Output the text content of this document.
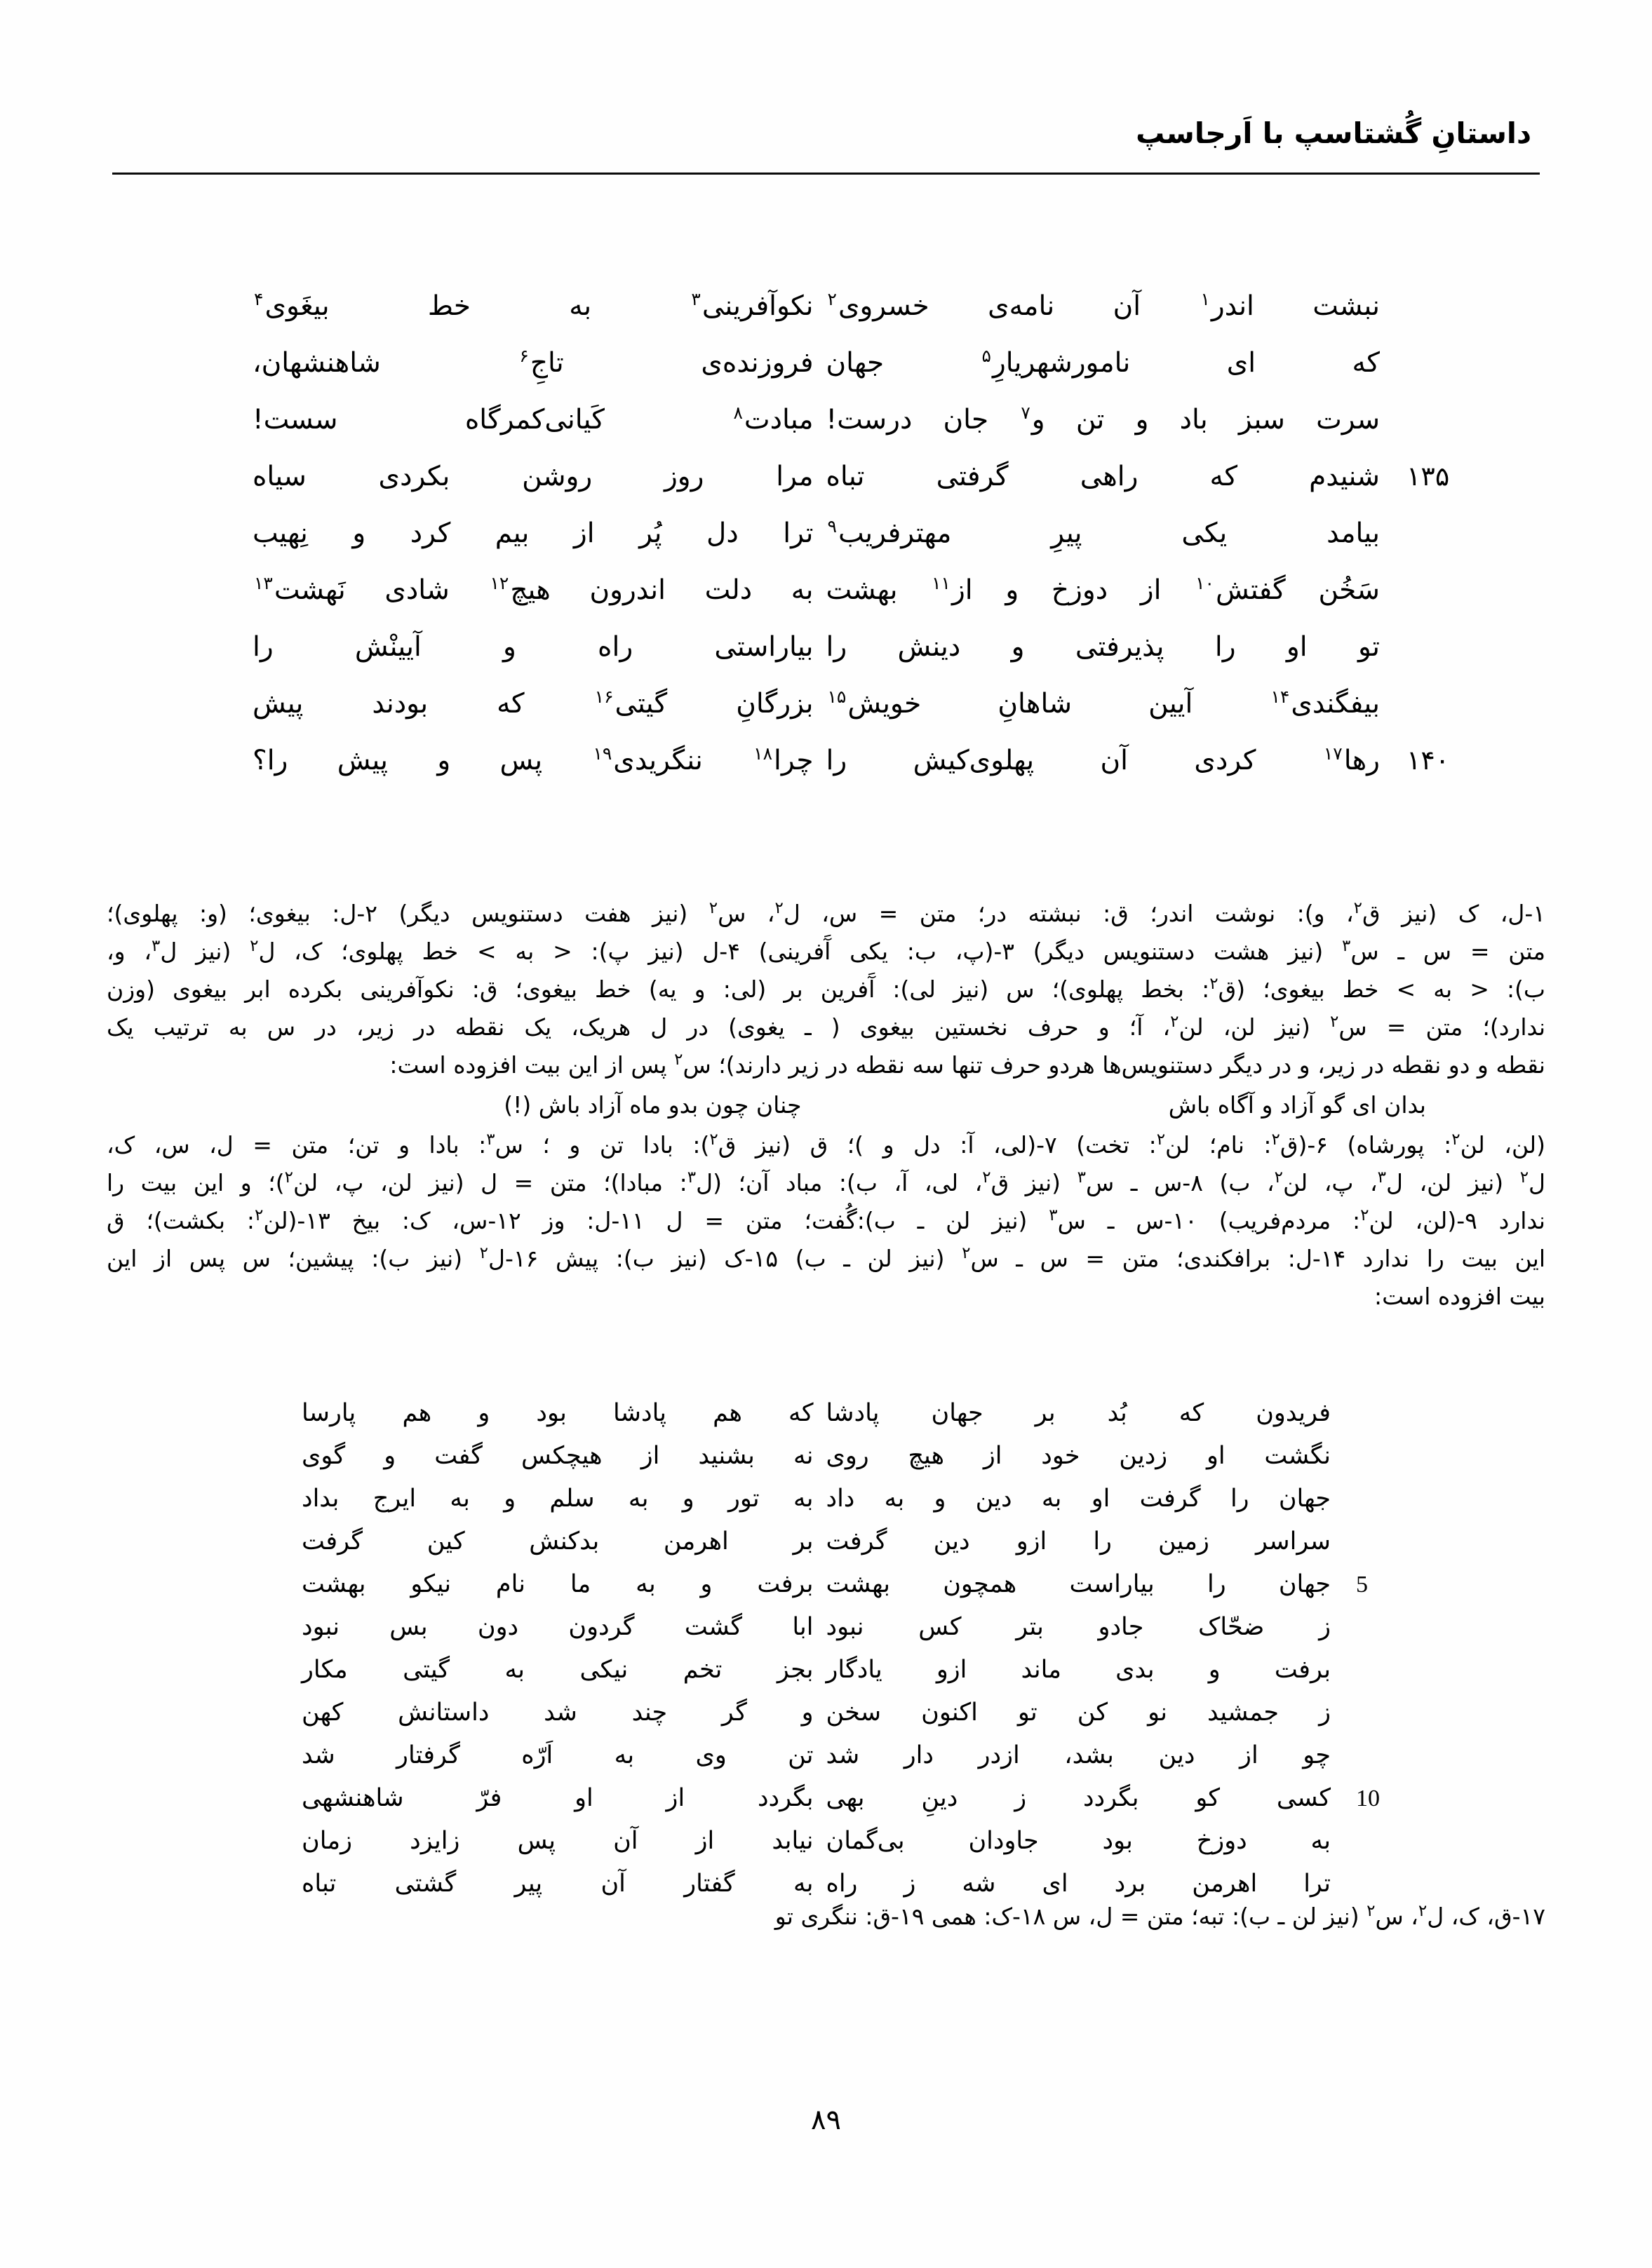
داستانِ گُشتاسپ با اَرجاسپ
نبشت اندر$^۱$ آن نامه‌ی خسروی$^۲$
نکوآفرینی$^۳$ به خط بیغَوی$^۴$
که ای نامورشهریارِ$^۵$ جهان
فروزنده‌ی تاجِ$^۶$ شاهنشهان،
سرت سبز باد و تن و$^۷$ جان درست!
مبادت$^۸$ کَیانی‌کمرگاه سست!
شنیدم که راهی گرفتی تباه ۱۳۵
مرا روز روشن بکردی سیاه
بیامد یکی پیرِ مهترفریب$^۹$
ترا دل پُر از بیم کرد و نِهیب
سَخُن گفتش$^{۱۰}$ از دوزخ و از$^{۱۱}$ بهشت
به دلت اندرون هیچ$^{۱۲}$ شادی نَهشت$^{۱۳}$
تو او را پذیرفتی و دینش را
بیاراستی راه و آیینْش را
بیفگندی$^{۱۴}$ آیین شاهانِ خویش$^{۱۵}$
بزرگانِ گیتی$^{۱۶}$ که بودند پیش
رها$^{۱۷}$ کردی آن پهلوی‌کیش را	۱۴۰
چرا$^{۱۸}$ ننگریدی$^{۱۹}$ پس و پیش را؟

۱-ل، ک (نیز ق$^۲$، و): نوشت اندر؛ ق: نبشته در؛ متن = س، ل$^۲$، س$^۲$ (نیز هفت دستنویس دیگر) ۲-ل: بیغوی؛ (و: پهلوی)؛

متن = س ـ س$^۳$ (نیز هشت دستنویس دیگر) ۳-(پ، ب: یکی آَفرینی) ۴-ل (نیز پ): < به > خط پهلوی؛ ک، ل$^۲$ (نیز ل$^۳$، و،

ب): < به > خط بیغوی؛ (ق$^۲$: بخط پهلوی)؛ س (نیز لی): آَفرین بر (لی: و یه) خط بیغوی؛ ق: نکوآفرینی بکرده ابر بیغوی (وزن

ندارد)؛ متن = س$^۲$ (نیز لن، لن$^۲$، آ؛ و حرف نخستین بیغوی ( ـ یغوی) در ل هریک، یک نقطه در زیر، در س به ترتیب یک

نقطه و دو نقطه در زیر، و در دیگر دستنویس‌ها هردو حرف تنها سه نقطه در زیر دارند)؛ س$^۲$ پس از این بیت افزوده است:

بدان ای گو آزاد و آگاه باش
چنان چون بدو ماه آزاد باش (!)

(لن، لن$^۲$: پورشاه) ۶-(ق$^۲$: نام؛ لن$^۲$: تخت) ۷-(لی، آ: دل و )؛ ق (نیز ق$^۲$): بادا تن و ؛ س$^۳$: بادا و تن؛ متن = ل، س، ک،

ل$^۲$ (نیز لن، ل$^۳$، پ، لن$^۲$، ب) ۸-س ـ س$^۳$ (نیز ق$^۲$، لی، آ، ب): مباد آن؛ (ل$^۳$: مبادا)؛ متن = ل (نیز لن، پ، لن$^۲$)؛ و این بیت را

ندارد ۹-(لن، لن$^۲$: مردم‌فریب) ۱۰-س ـ س$^۳$ (نیز لن ـ ب):گُفت؛ متن = ل ۱۱-ل: وز ۱۲-س، ک: بیخ ۱۳-(لن$^۲$: بکشت)؛ ق

این بیت را ندارد ۱۴-ل: برافکندی؛ متن = س ـ س$^۲$ (نیز لن ـ ب) ۱۵-ک (نیز ب): پیش ۱۶-ل$^۲$ (نیز ب): پیشین؛ س پس از این

بیت افزوده است:

فریدون که بُد بر جهان پادشا
که هم پادشا بود و هم پارسا
نگشت او زدین خود از هیچ روی
نه بشنید از هیچکس گفت و گوی
جهان را گرفت او به دین و به داد
به تور و به سلم و به ایرج بداد
سراسر زمین را ازو دین گرفت
بر اهرمن بدکنش کین گرفت
جهان را بیاراست همچون بهشت 5
برفت و به ما نام نیکو بهشت
ز ضحّاک جادو بتر کس نبود
ابا گشت گردون دون بس نبود
برفت و بدی ماند ازو یادگار
بجز تخم نیکی به گیتی مکار
ز جمشید نو کن تو اکنون سخن
و گر چند شد داستانش کهن
چو از دین بشد، ازدر دار شد
تن وی به اَرّه گرفتار شد
کسی کو بگردد ز دینِ بهی 10
بگردد از او فرّ شاهنشهی
به دوزخ بود جاودان بی‌گمان
نیابد از آن پس زایزد زمان
ترا اهرمن برد ای شه ز راه
به گفتار آن پیر گشتی تباه

۱۷-ق، ک، ل$^۲$، س$^۲$ (نیز لن ـ ب): تبه؛ متن = ل، س ۱۸-ک: همی ۱۹-ق: ننگری تو

۸۹
